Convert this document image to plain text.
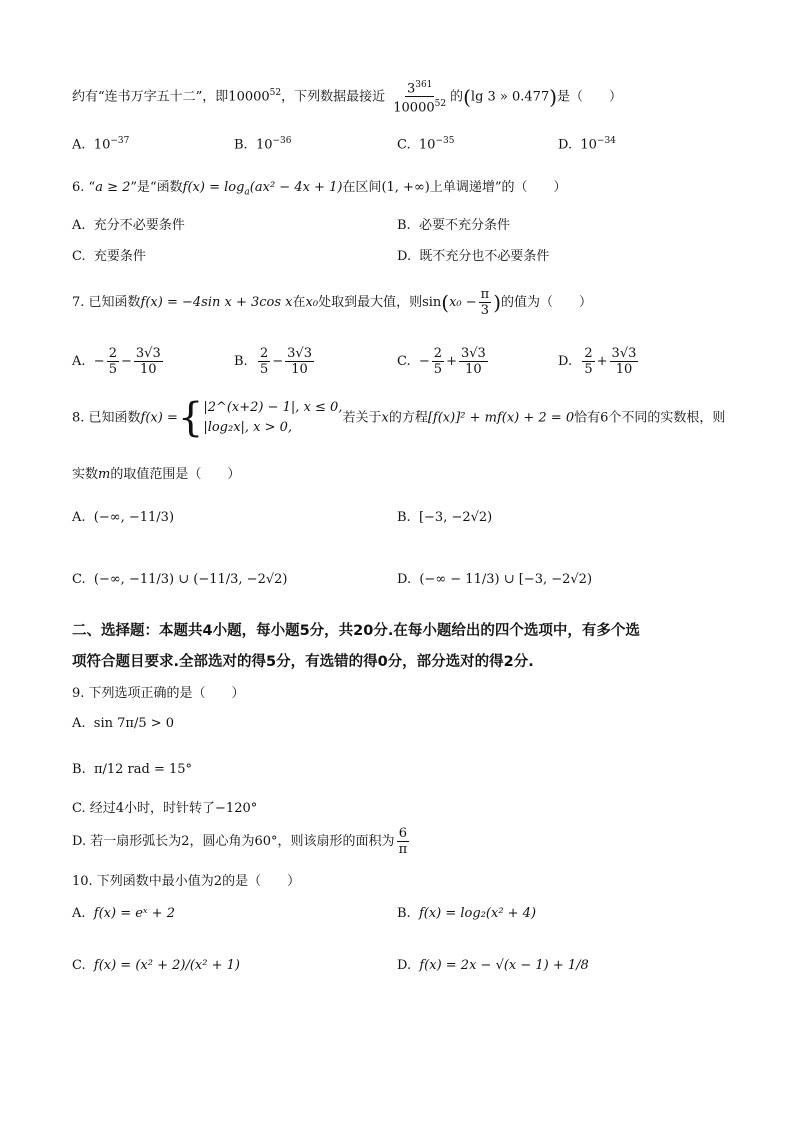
约有“连书万字五十二”，即10000$^{52}$，下列数据最接近 $\frac{3^{361}}{10000^{52}}$ 的(lg 3 » 0.477)是（　　）
A. $10^{-37}$	B. $10^{-36}$	C. $10^{-35}$	D. $10^{-34}$
6. “a ≥ 2”是“函数$f(x) = \log_a(ax^2 - 4x + 1)$在区间(1, +∞)上单调递增”的（　　）
A. 充分不必要条件	B. 必要不充分条件
C. 充要条件	D. 既不充分也不必要条件
7. 已知函数f(x) = −4sin x + 3cos x在x₀处取到最大值，则$\sin(x_0 - \frac{\pi}{3}$ )的值为（　　）
A. − $\frac{2}{5} - \frac{3√3}{10}$	B. $\frac{2}{5} - \frac{3√3}{10}$	C. − $\frac{2}{5} + \frac{3√3}{10}$	D. $\frac{2}{5} + \frac{3√3}{10}$
8. 已知函数f(x) ={ |2^(x+2) − 1|, x ≤ 0,
|log₂x|, x > 0,
若关于x的方程[f(x)]² + mf(x) + 2 = 0恰有6个不同的实数根，则
实数m的取值范围是（　　）
A. (−∞, −11/3)	B. [−3, −2√2)
C. (−∞, −11/3) ∪ (−11/3, −2√2)	D. (−∞ − 11/3) ∪ [−3, −2√2)
二、选择题：本题共4小题，每小题5分，共20分.在每小题给出的四个选项中，有多个选
项符合题目要求.全部选对的得5分，有选错的得0分，部分选对的得2分.
9. 下列选项正确的是（　　）
A. sin 7π/5 > 0
B. π/12 rad = 15°
C. 经过4小时，时针转了−120°
D. 若一扇形弧长为2，圆心角为60°，则该扇形的面积为 $\frac{6}{\pi}$
10. 下列函数中最小值为2的是（　　）
A. f(x) = eˣ + 2	B. f(x) = log₂(x² + 4)
C. f(x) = (x² + 2)/(x² + 1)	D. f(x) = 2x − √(x − 1) + 1/8
